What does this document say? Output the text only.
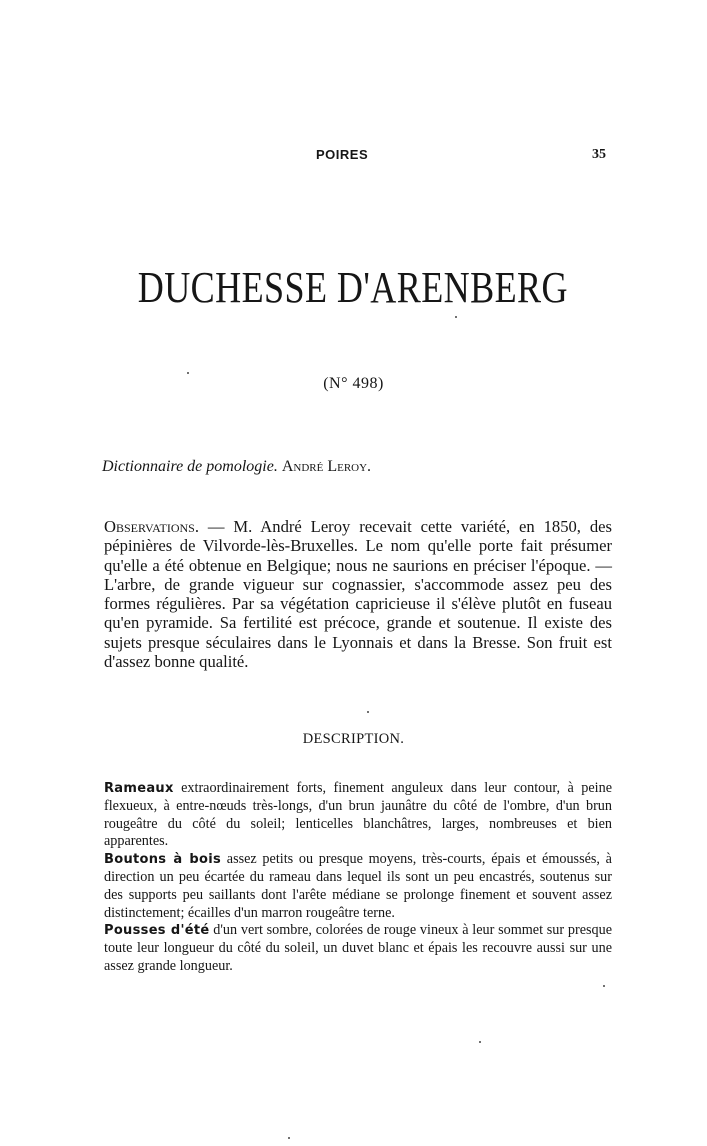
POIRES	35
DUCHESSE D'ARENBERG
(N° 498)
Dictionnaire de pomologie. André Leroy.

Observations. — M. André Leroy recevait cette variété, en 1850, des pépinières de Vilvorde-lès-Bruxelles. Le nom qu'elle porte fait présumer qu'elle a été obtenue en Belgique; nous ne saurions en préciser l'époque. — L'arbre, de grande vigueur sur cognassier, s'accommode assez peu des formes régulières. Par sa végétation capricieuse il s'élève plutôt en fuseau qu'en pyramide. Sa fertilité est précoce, grande et soutenue. Il existe des sujets presque séculaires dans le Lyonnais et dans la Bresse. Son fruit est d'assez bonne qualité.

DESCRIPTION.

Rameaux extraordinairement forts, finement anguleux dans leur contour, à peine flexueux, à entre-nœuds très-longs, d'un brun jaunâtre du côté de l'ombre, d'un brun rougeâtre du côté du soleil; lenticelles blanchâtres, larges, nombreuses et bien apparentes.

Boutons à bois assez petits ou presque moyens, très-courts, épais et émoussés, à direction un peu écartée du rameau dans lequel ils sont un peu encastrés, soutenus sur des supports peu saillants dont l'arête médiane se prolonge finement et souvent assez distinctement; écailles d'un marron rougeâtre terne.

Pousses d'été d'un vert sombre, colorées de rouge vineux à leur sommet sur presque toute leur longueur du côté du soleil, un duvet blanc et épais les recouvre aussi sur une assez grande longueur.
